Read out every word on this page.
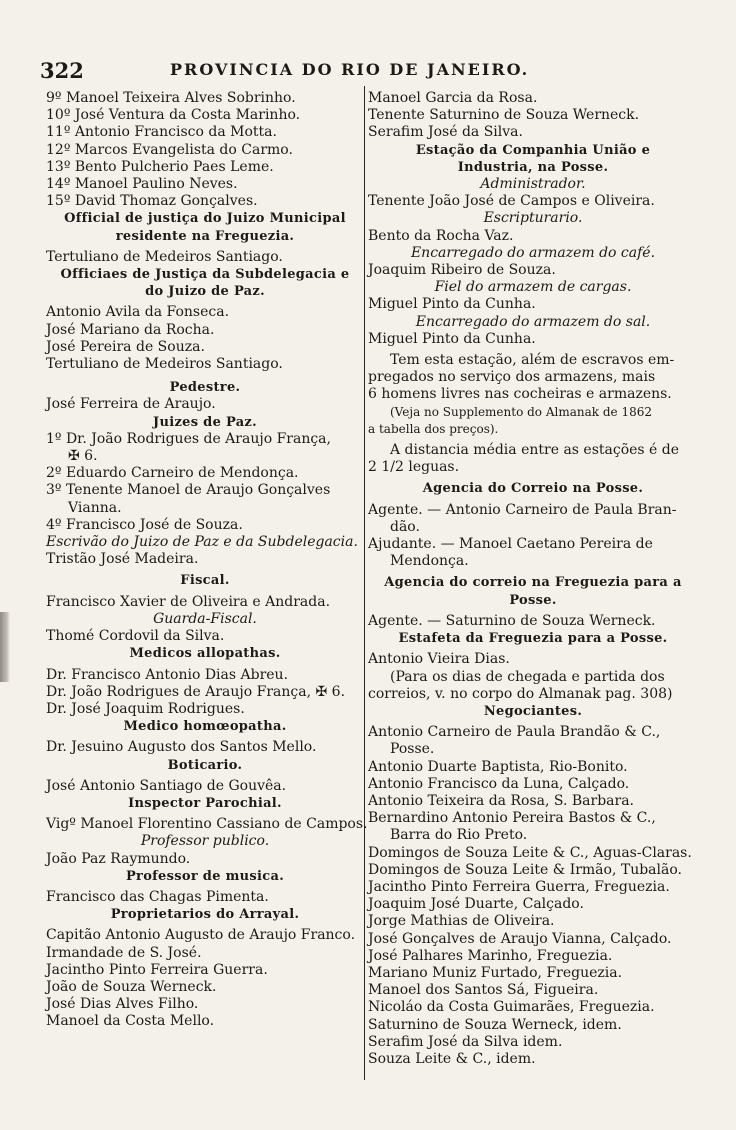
322	PROVINCIA DO RIO DE JANEIRO.
9º Manoel Teixeira Alves Sobrinho.
10º José Ventura da Costa Marinho.
11º Antonio Francisco da Motta.
12º Marcos Evangelista do Carmo.
13º Bento Pulcherio Paes Leme.
14º Manoel Paulino Neves.
15º David Thomaz Gonçalves.
Official de justiça do Juizo Municipal
residente na Freguezia.
Tertuliano de Medeiros Santiago.
Officiaes de Justiça da Subdelegacia e
do Juizo de Paz.
Antonio Avila da Fonseca.
José Mariano da Rocha.
José Pereira de Souza.
Tertuliano de Medeiros Santiago.
Pedestre.
José Ferreira de Araujo.
Juizes de Paz.
1º Dr. João Rodrigues de Araujo França,
✠ 6.
2º Eduardo Carneiro de Mendonça.
3º Tenente Manoel de Araujo Gonçalves
Vianna.
4º Francisco José de Souza.
Escrivão do Juizo de Paz e da Subdelegacia.
Tristão José Madeira.
Fiscal.
Francisco Xavier de Oliveira e Andrada.
Guarda-Fiscal.
Thomé Cordovil da Silva.
Medicos allopathas.
Dr. Francisco Antonio Dias Abreu.
Dr. João Rodrigues de Araujo França, ✠ 6.
Dr. José Joaquim Rodrigues.
Medico homœopatha.
Dr. Jesuino Augusto dos Santos Mello.
Boticario.
José Antonio Santiago de Gouvêa.
Inspector Parochial.
Vigº Manoel Florentino Cassiano de Campos.
Professor publico.
João Paz Raymundo.
Professor de musica.
Francisco das Chagas Pimenta.
Proprietarios do Arrayal.
Capitão Antonio Augusto de Araujo Franco.
Irmandade de S. José.
Jacintho Pinto Ferreira Guerra.
João de Souza Werneck.
José Dias Alves Filho.
Manoel da Costa Mello.
Manoel Garcia da Rosa.
Tenente Saturnino de Souza Werneck.
Serafim José da Silva.
Estação da Companhia União e
Industria, na Posse.
Administrador.
Tenente João José de Campos e Oliveira.
Escripturario.
Bento da Rocha Vaz.
Encarregado do armazem do café.
Joaquim Ribeiro de Souza.
Fiel do armazem de cargas.
Miguel Pinto da Cunha.
Encarregado do armazem do sal.
Miguel Pinto da Cunha.
Tem esta estação, além de escravos em-
pregados no serviço dos armazens, mais
6 homens livres nas cocheiras e armazens.
(Veja no Supplemento do Almanak de 1862
a tabella dos preços).
A distancia média entre as estações é de
2 1/2 leguas.
Agencia do Correio na Posse.
Agente. — Antonio Carneiro de Paula Bran-
dão.
Ajudante. — Manoel Caetano Pereira de
Mendonça.
Agencia do correio na Freguezia para a
Posse.
Agente. — Saturnino de Souza Werneck.
Estafeta da Freguezia para a Posse.
Antonio Vieira Dias.
(Para os dias de chegada e partida dos
correios, v. no corpo do Almanak pag. 308)
Negociantes.
Antonio Carneiro de Paula Brandão & C.,
Posse.
Antonio Duarte Baptista, Rio-Bonito.
Antonio Francisco da Luna, Calçado.
Antonio Teixeira da Rosa, S. Barbara.
Bernardino Antonio Pereira Bastos & C.,
Barra do Rio Preto.
Domingos de Souza Leite & C., Aguas-Claras.
Domingos de Souza Leite & Irmão, Tubalão.
Jacintho Pinto Ferreira Guerra, Freguezia.
Joaquim José Duarte, Calçado.
Jorge Mathias de Oliveira.
José Gonçalves de Araujo Vianna, Calçado.
José Palhares Marinho, Freguezia.
Mariano Muniz Furtado, Freguezia.
Manoel dos Santos Sá, Figueira.
Nicoláo da Costa Guimarães, Freguezia.
Saturnino de Souza Werneck, idem.
Serafim José da Silva idem.
Souza Leite & C., idem.
